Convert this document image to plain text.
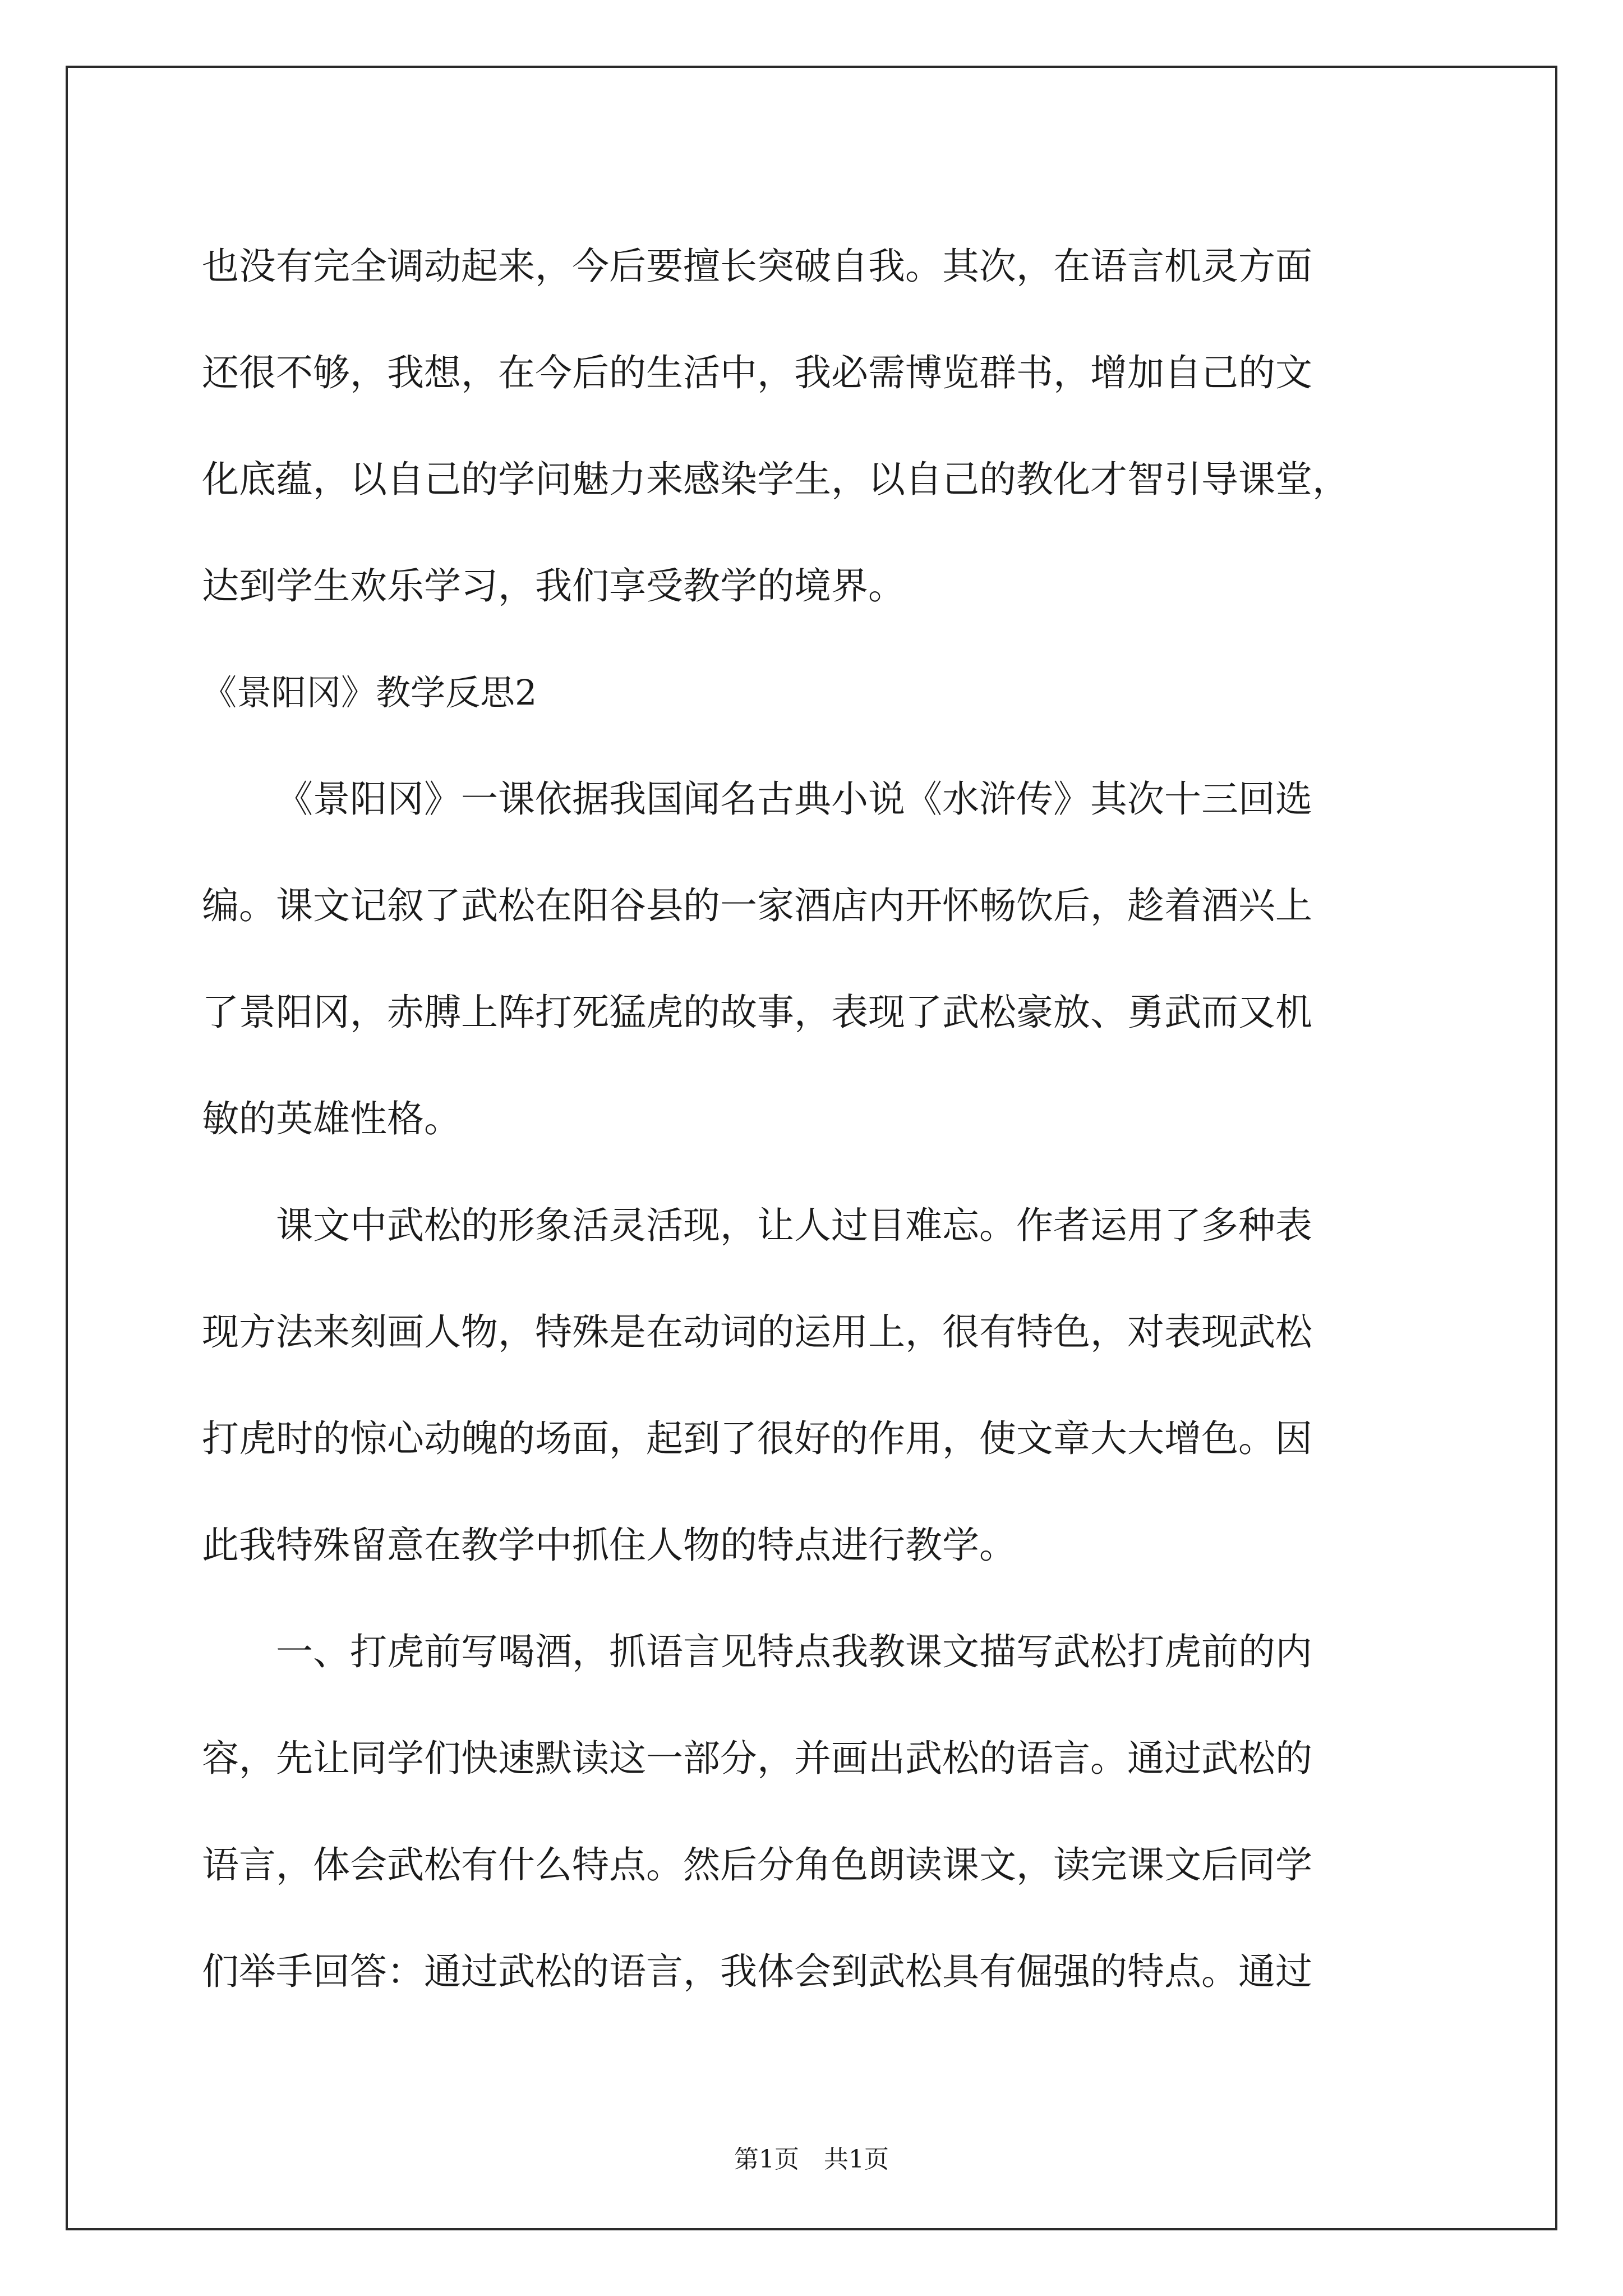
也没有完全调动起来，今后要擅长突破自我。其次，在语言机灵方面
还很不够，我想，在今后的生活中，我必需博览群书，增加自己的文
化底蕴，以自己的学问魅力来感染学生，以自己的教化才智引导课堂，
达到学生欢乐学习，我们享受教学的境界。
《景阳冈》教学反思2
《景阳冈》一课依据我国闻名古典小说《水浒传》其次十三回选
编。课文记叙了武松在阳谷县的一家酒店内开怀畅饮后，趁着酒兴上
了景阳冈，赤膊上阵打死猛虎的故事，表现了武松豪放、勇武而又机
敏的英雄性格。
课文中武松的形象活灵活现，让人过目难忘。作者运用了多种表
现方法来刻画人物，特殊是在动词的运用上，很有特色，对表现武松
打虎时的惊心动魄的场面，起到了很好的作用，使文章大大增色。因
此我特殊留意在教学中抓住人物的特点进行教学。
一、打虎前写喝酒，抓语言见特点我教课文描写武松打虎前的内
容，先让同学们快速默读这一部分，并画出武松的语言。通过武松的
语言，体会武松有什么特点。然后分角色朗读课文，读完课文后同学
们举手回答：通过武松的语言，我体会到武松具有倔强的特点。通过
第1页　共1页
